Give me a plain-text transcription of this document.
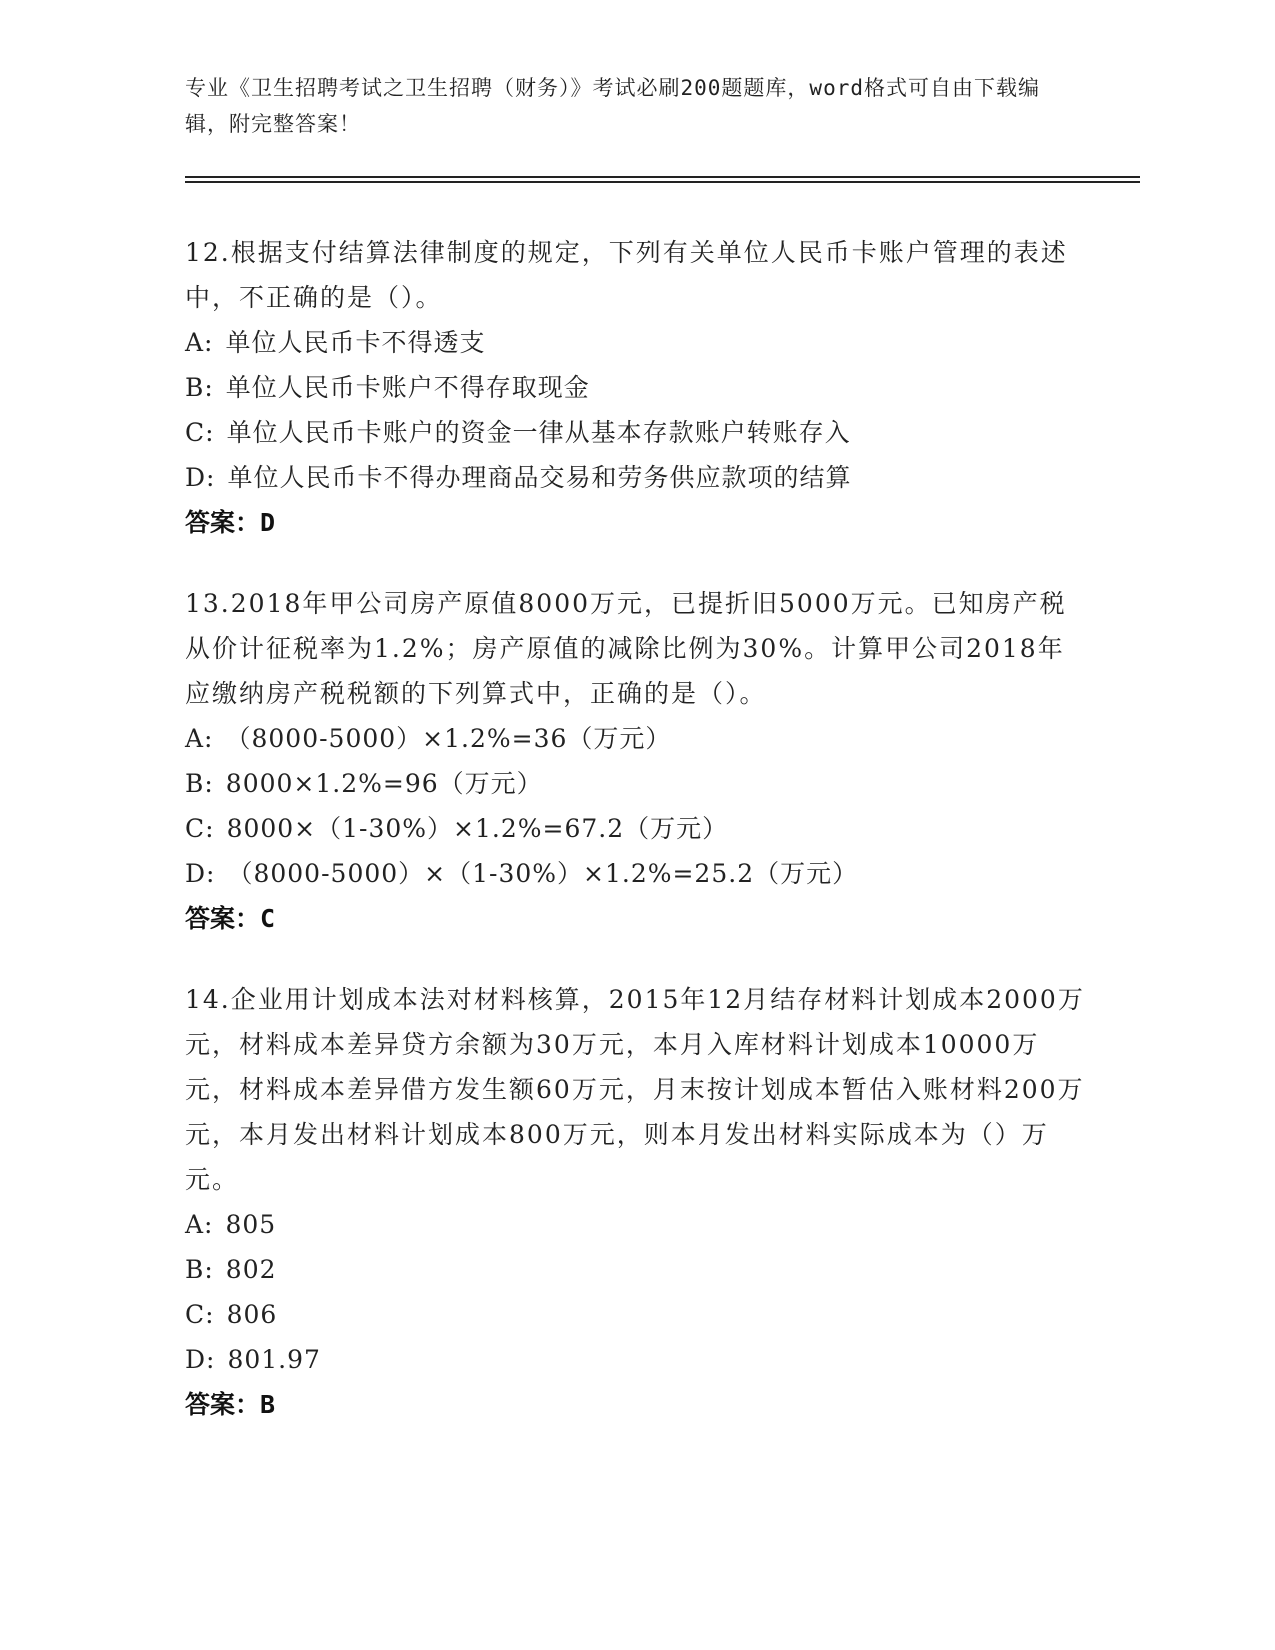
专业《卫生招聘考试之卫生招聘（财务）》考试必刷200题题库，word格式可自由下载编辑，附完整答案！
12.根据支付结算法律制度的规定，下列有关单位人民币卡账户管理的表述中，不正确的是（）。
A: 单位人民币卡不得透支
B: 单位人民币卡账户不得存取现金
C: 单位人民币卡账户的资金一律从基本存款账户转账存入
D: 单位人民币卡不得办理商品交易和劳务供应款项的结算
答案：D
13.2018年甲公司房产原值8000万元，已提折旧5000万元。已知房产税从价计征税率为1.2%；房产原值的减除比例为30%。计算甲公司2018年应缴纳房产税税额的下列算式中，正确的是（）。
A: （8000-5000）×1.2%=36（万元）
B: 8000×1.2%=96（万元）
C: 8000×（1-30%）×1.2%=67.2（万元）
D: （8000-5000）×（1-30%）×1.2%=25.2（万元）
答案：C
14.企业用计划成本法对材料核算，2015年12月结存材料计划成本2000万元，材料成本差异贷方余额为30万元，本月入库材料计划成本10000万元，材料成本差异借方发生额60万元，月末按计划成本暂估入账材料200万元，本月发出材料计划成本800万元，则本月发出材料实际成本为（）万元。
A: 805
B: 802
C: 806
D: 801.97
答案：B
